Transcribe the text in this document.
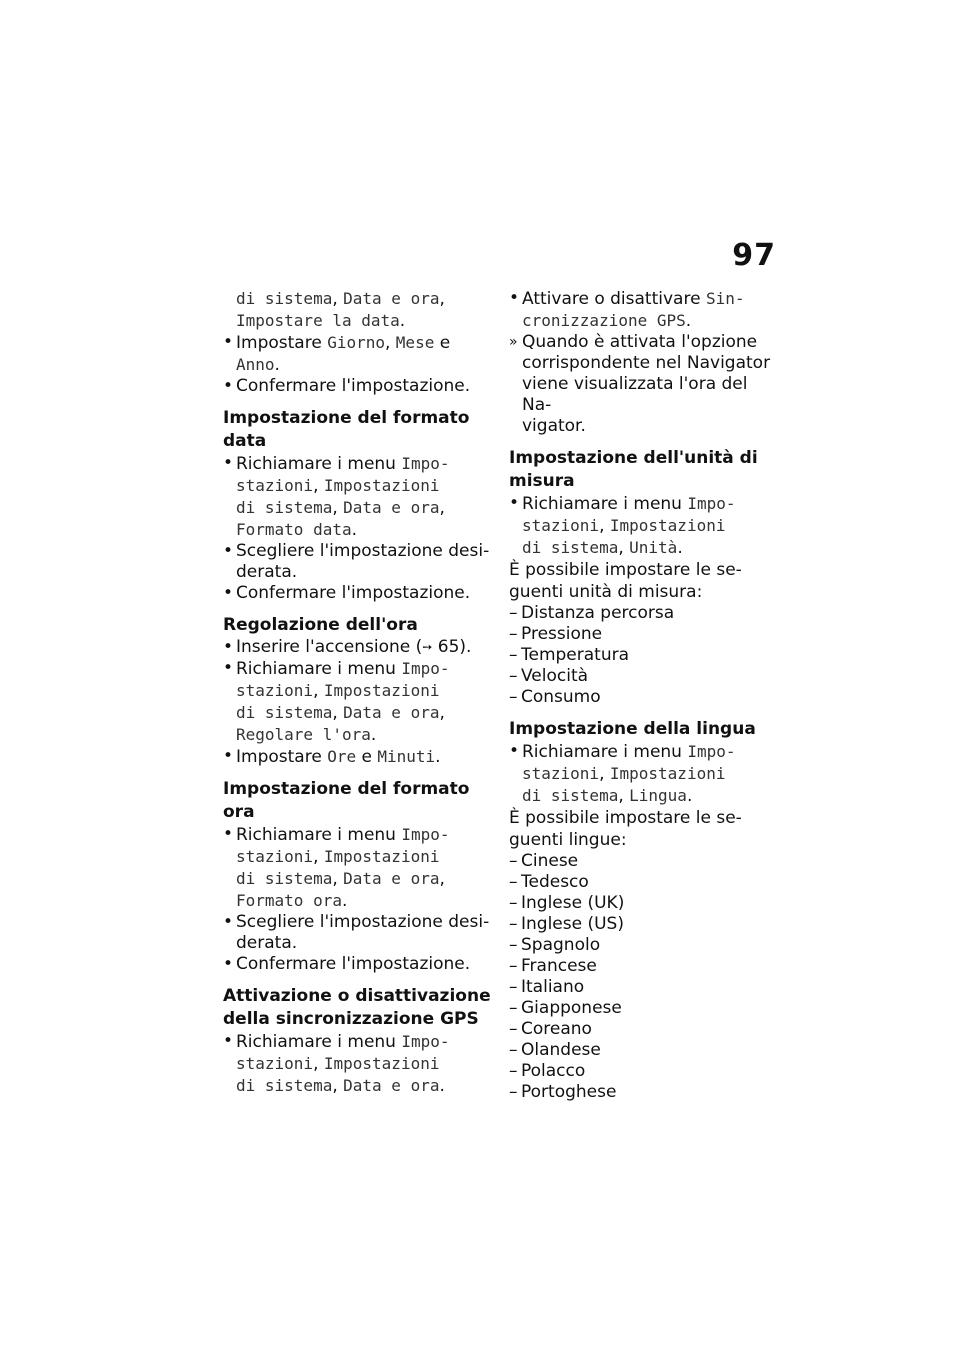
97
di sistema, Data e ora,
Impostare la data.
• Impostare Giorno, Mese e
Anno.
• Confermare l'impostazione.
Impostazione del formato data
• Richiamare i menu Impo-
stazioni, Impostazioni
di sistema, Data e ora,
Formato data.
• Scegliere l'impostazione desi-
derata.
• Confermare l'impostazione.
Regolazione dell'ora
• Inserire l'accensione (➙ 65).
• Richiamare i menu Impo-
stazioni, Impostazioni
di sistema, Data e ora,
Regolare l'ora.
• Impostare Ore e Minuti.
Impostazione del formato ora
• Richiamare i menu Impo-
stazioni, Impostazioni
di sistema, Data e ora,
Formato ora.
• Scegliere l'impostazione desi-
derata.
• Confermare l'impostazione.
Attivazione o disattivazione
della sincronizzazione GPS
• Richiamare i menu Impo-
stazioni, Impostazioni
di sistema, Data e ora.
• Attivare o disattivare Sin-
cronizzazione GPS.
» Quando è attivata l'opzione
corrispondente nel Navigator
viene visualizzata l'ora del Na-
vigator.
Impostazione dell'unità di
misura
• Richiamare i menu Impo-
stazioni, Impostazioni
di sistema, Unità.
È possibile impostare le se-
guenti unità di misura:
– Distanza percorsa
– Pressione
– Temperatura
– Velocità
– Consumo
Impostazione della lingua
• Richiamare i menu Impo-
stazioni, Impostazioni
di sistema, Lingua.
È possibile impostare le se-
guenti lingue:
– Cinese
– Tedesco
– Inglese (UK)
– Inglese (US)
– Spagnolo
– Francese
– Italiano
– Giapponese
– Coreano
– Olandese
– Polacco
– Portoghese
